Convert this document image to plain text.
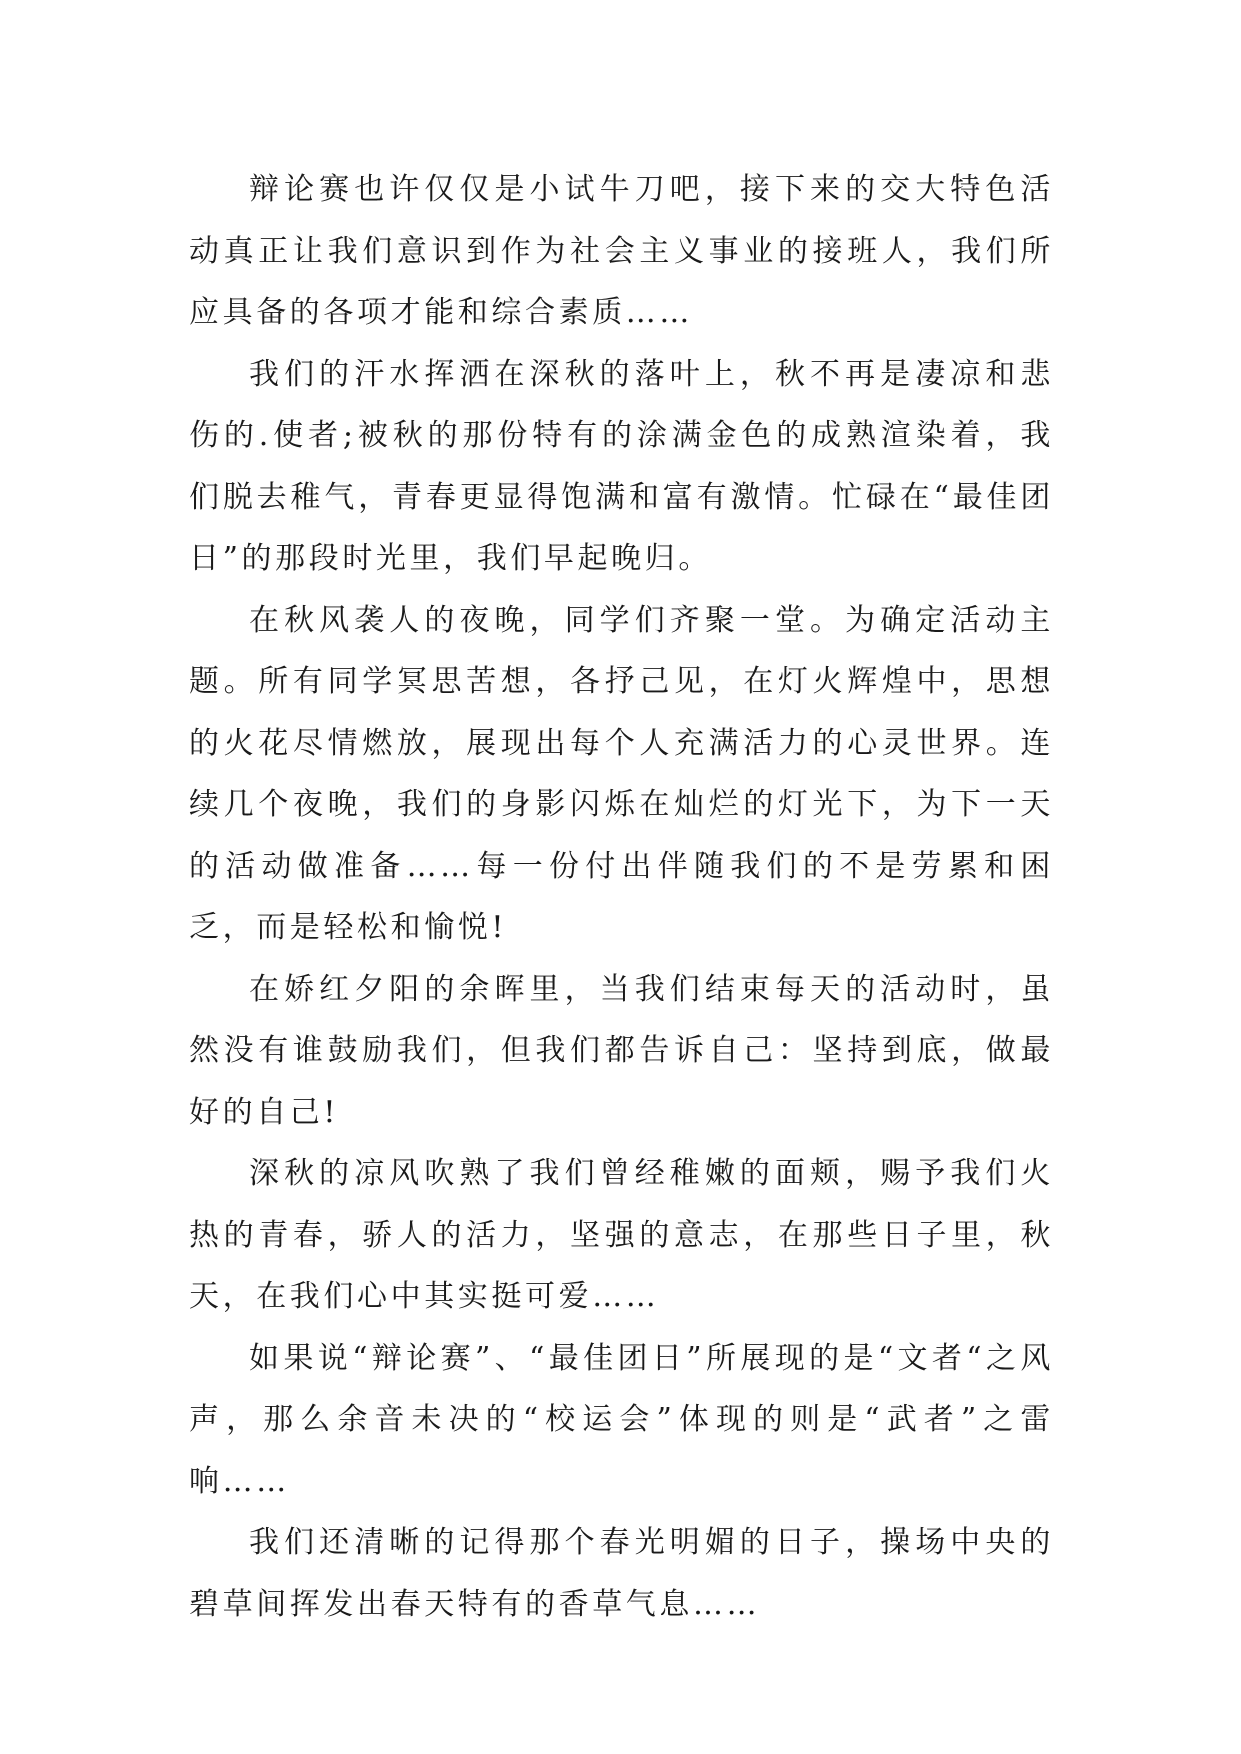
辩论赛也许仅仅是小试牛刀吧，接下来的交大特色活动真正让我们意识到作为社会主义事业的接班人，我们所应具备的各项才能和综合素质……

我们的汗水挥洒在深秋的落叶上，秋不再是凄凉和悲伤的.使者;被秋的那份特有的涂满金色的成熟渲染着，我们脱去稚气，青春更显得饱满和富有激情。忙碌在“最佳团日”的那段时光里，我们早起晚归。

在秋风袭人的夜晚，同学们齐聚一堂。为确定活动主题。所有同学冥思苦想，各抒己见，在灯火辉煌中，思想的火花尽情燃放，展现出每个人充满活力的心灵世界。连续几个夜晚，我们的身影闪烁在灿烂的灯光下，为下一天的活动做准备……每一份付出伴随我们的不是劳累和困乏，而是轻松和愉悦!

在娇红夕阳的余晖里，当我们结束每天的活动时，虽然没有谁鼓励我们，但我们都告诉自己：坚持到底，做最好的自己!

深秋的凉风吹熟了我们曾经稚嫩的面颊，赐予我们火热的青春，骄人的活力，坚强的意志，在那些日子里，秋天，在我们心中其实挺可爱……

如果说“辩论赛”、“最佳团日”所展现的是“文者“之风声，那么余音未决的“校运会”体现的则是“武者”之雷响……

我们还清晰的记得那个春光明媚的日子，操场中央的碧草间挥发出春天特有的香草气息……
